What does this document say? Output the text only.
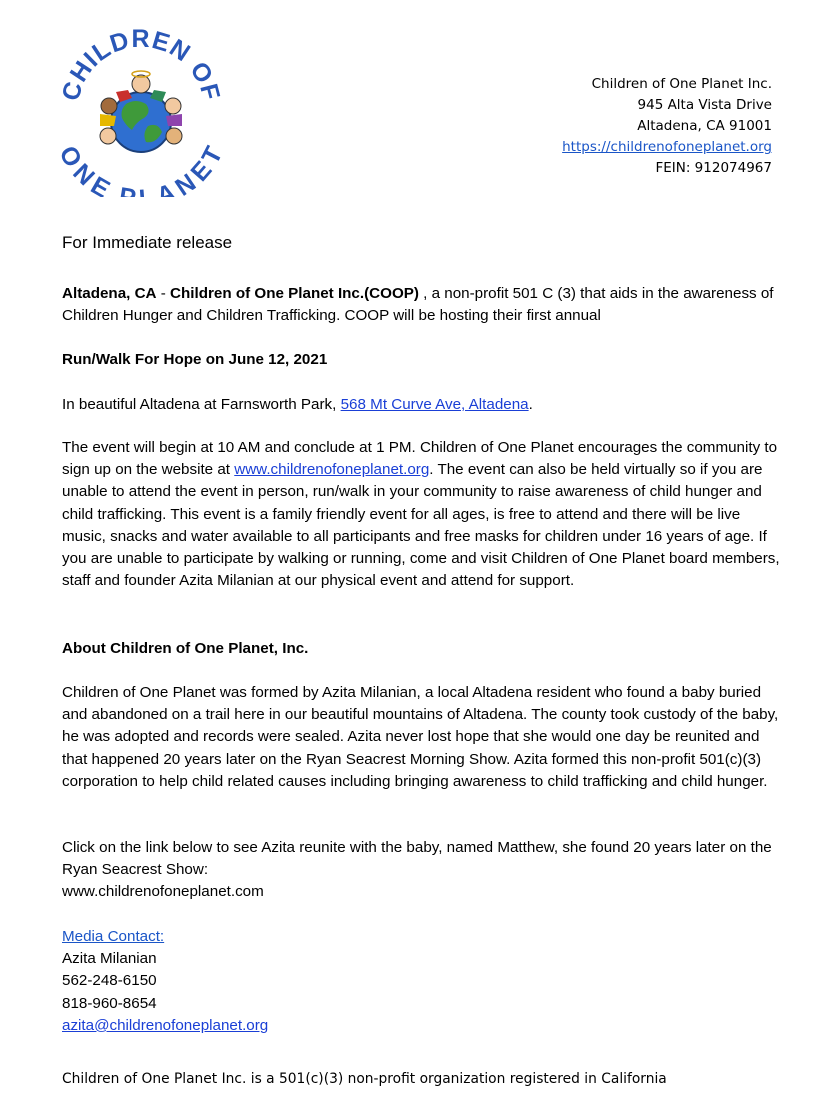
CHILDREN OF
ONE ANET
Children of One Planet Inc.
945 Alta Vista Drive
Altadena, CA 91001
https://childrenofoneplanet.org
FEIN: 912074967
For Immediate release

Altadena, CA - Children of One Planet Inc.(COOP) , a non-profit 501 C (3) that aids in the awareness of Children Hunger and Children Trafficking. COOP will be hosting their first annual

Run/Walk For Hope on June 12, 2021

In beautiful Altadena at Farnsworth Park, 568 Mt Curve Ave, Altadena.

The event will begin at 10 AM and conclude at 1 PM. Children of One Planet encourages the community to sign up on the website at www.childrenofoneplanet.org. The event can also be held virtually so if you are unable to attend the event in person, run/walk in your community to raise awareness of child hunger and child trafficking. This event is a family friendly event for all ages, is free to attend and there will be live music, snacks and water available to all participants and free masks for children under 16 years of age. If you are unable to participate by walking or running, come and visit Children of One Planet board members, staff and founder Azita Milanian at our physical event and attend for support.

About Children of One Planet, Inc.
Children of One Planet was formed by Azita Milanian, a local Altadena resident who found a baby buried and abandoned on a trail here in our beautiful mountains of Altadena. The county took custody of the baby, he was adopted and records were sealed. Azita never lost hope that she would one day be reunited and that happened 20 years later on the Ryan Seacrest Morning Show. Azita formed this non-profit 501(c)(3) corporation to help child related causes including bringing awareness to child trafficking and child hunger.

Click on the link below to see Azita reunite with the baby, named Matthew, she found 20 years later on the Ryan Seacrest Show:

www.childrenofoneplanet.com

Media Contact:
Azita Milanian
562-248-6150
818-960-8654
azita@childrenofoneplanet.org
Children of One Planet Inc. is a 501(c)(3) non-profit organization registered in California
